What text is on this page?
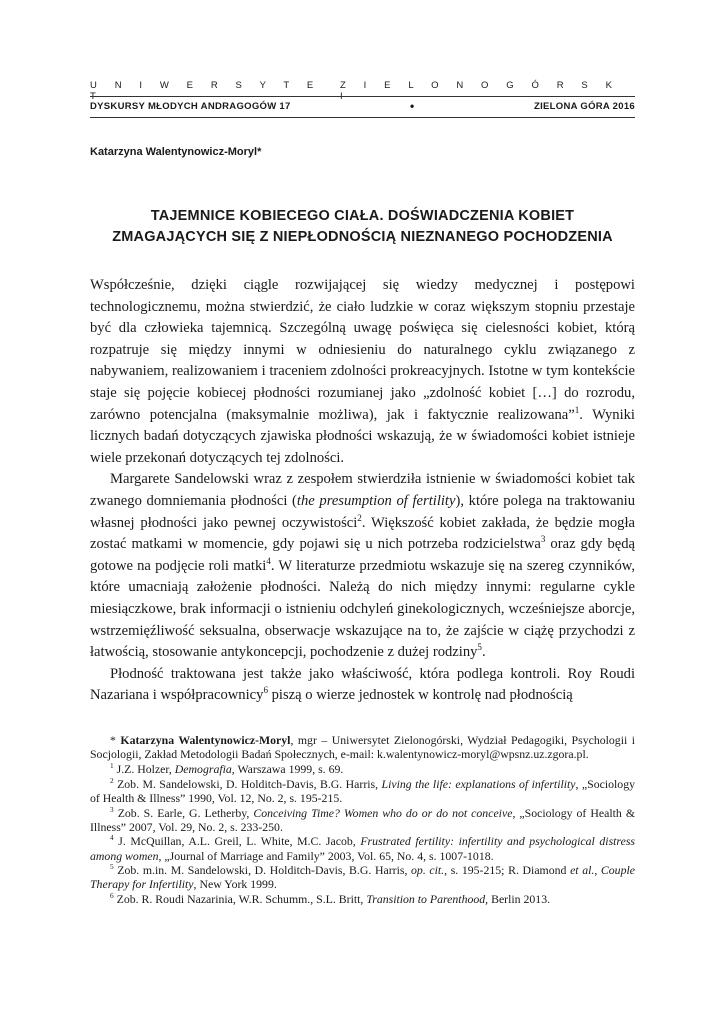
U N I W E R S Y T E T
Z I E L O N O G Ó R S K I
DYSKURSY MŁODYCH ANDRAGOGÓW 17	•	ZIELONA GÓRA 2016
Katarzyna Walentynowicz-Moryl*
TAJEMNICE KOBIECEGO CIAŁA. DOŚWIADCZENIA KOBIET
ZMAGAJĄCYCH SIĘ Z NIEPŁODNOŚCIĄ NIEZNANEGO POCHODZENIA

Współcześnie, dzięki ciągle rozwijającej się wiedzy medycznej i postępowi technologicznemu, można stwierdzić, że ciało ludzkie w coraz większym stopniu przestaje być dla człowieka tajemnicą. Szczególną uwagę poświęca się cielesności kobiet, którą rozpatruje się między innymi w odniesieniu do naturalnego cyklu związanego z nabywaniem, realizowaniem i traceniem zdolności prokreacyjnych. Istotne w tym kontekście staje się pojęcie kobiecej płodności rozumianej jako „zdolność kobiet […] do rozrodu, zarówno potencjalna (maksymalnie możliwa), jak i faktycznie realizowana”$^1$. Wyniki licznych badań dotyczących zjawiska płodności wskazują, że w świadomości kobiet istnieje wiele przekonań dotyczących tej zdolności.

Margarete Sandelowski wraz z zespołem stwierdziła istnienie w świadomości kobiet tak zwanego domniemania płodności (the presumption of fertility), które polega na traktowaniu własnej płodności jako pewnej oczywistości$^2$. Większość kobiet zakłada, że będzie mogła zostać matkami w momencie, gdy pojawi się u nich potrzeba rodzicielstwa$^3$ oraz gdy będą gotowe na podjęcie roli matki$^4$. W literaturze przedmiotu wskazuje się na szereg czynników, które umacniają założenie płodności. Należą do nich między innymi: regularne cykle miesiączkowe, brak informacji o istnieniu odchyleń ginekologicznych, wcześniejsze aborcje, wstrzemięźliwość seksualna, obserwacje wskazujące na to, że zajście w ciążę przychodzi z łatwością, stosowanie antykoncepcji, pochodzenie z dużej rodziny$^5$.

Płodność traktowana jest także jako właściwość, która podlega kontroli. Roy Roudi Nazariana i współpracownicy$^6$ piszą o wierze jednostek w kontrolę nad płodnością

* Katarzyna Walentynowicz-Moryl, mgr – Uniwersytet Zielonogórski, Wydział Pedagogiki, Psychologii i Socjologii, Zakład Metodologii Badań Społecznych, e-mail: k.walentynowicz-moryl@wpsnz.uz.zgora.pl.

$^1$ J.Z. Holzer, Demografia, Warszawa 1999, s. 69.

$^2$ Zob. M. Sandelowski, D. Holditch-Davis, B.G. Harris, Living the life: explanations of infertility, „Sociology of Health & Illness” 1990, Vol. 12, No. 2, s. 195-215.

$^3$ Zob. S. Earle, G. Letherby, Conceiving Time? Women who do or do not conceive, „Sociology of Health & Illness” 2007, Vol. 29, No. 2, s. 233-250.

$^4$ J. McQuillan, A.L. Greil, L. White, M.C. Jacob, Frustrated fertility: infertility and psychological distress among women, „Journal of Marriage and Family” 2003, Vol. 65, No. 4, s. 1007-1018.

$^5$ Zob. m.in. M. Sandelowski, D. Holditch-Davis, B.G. Harris, op. cit., s. 195-215; R. Diamond et al., Couple Therapy for Infertility, New York 1999.

$^6$ Zob. R. Roudi Nazarinia, W.R. Schumm., S.L. Britt, Transition to Parenthood, Berlin 2013.
